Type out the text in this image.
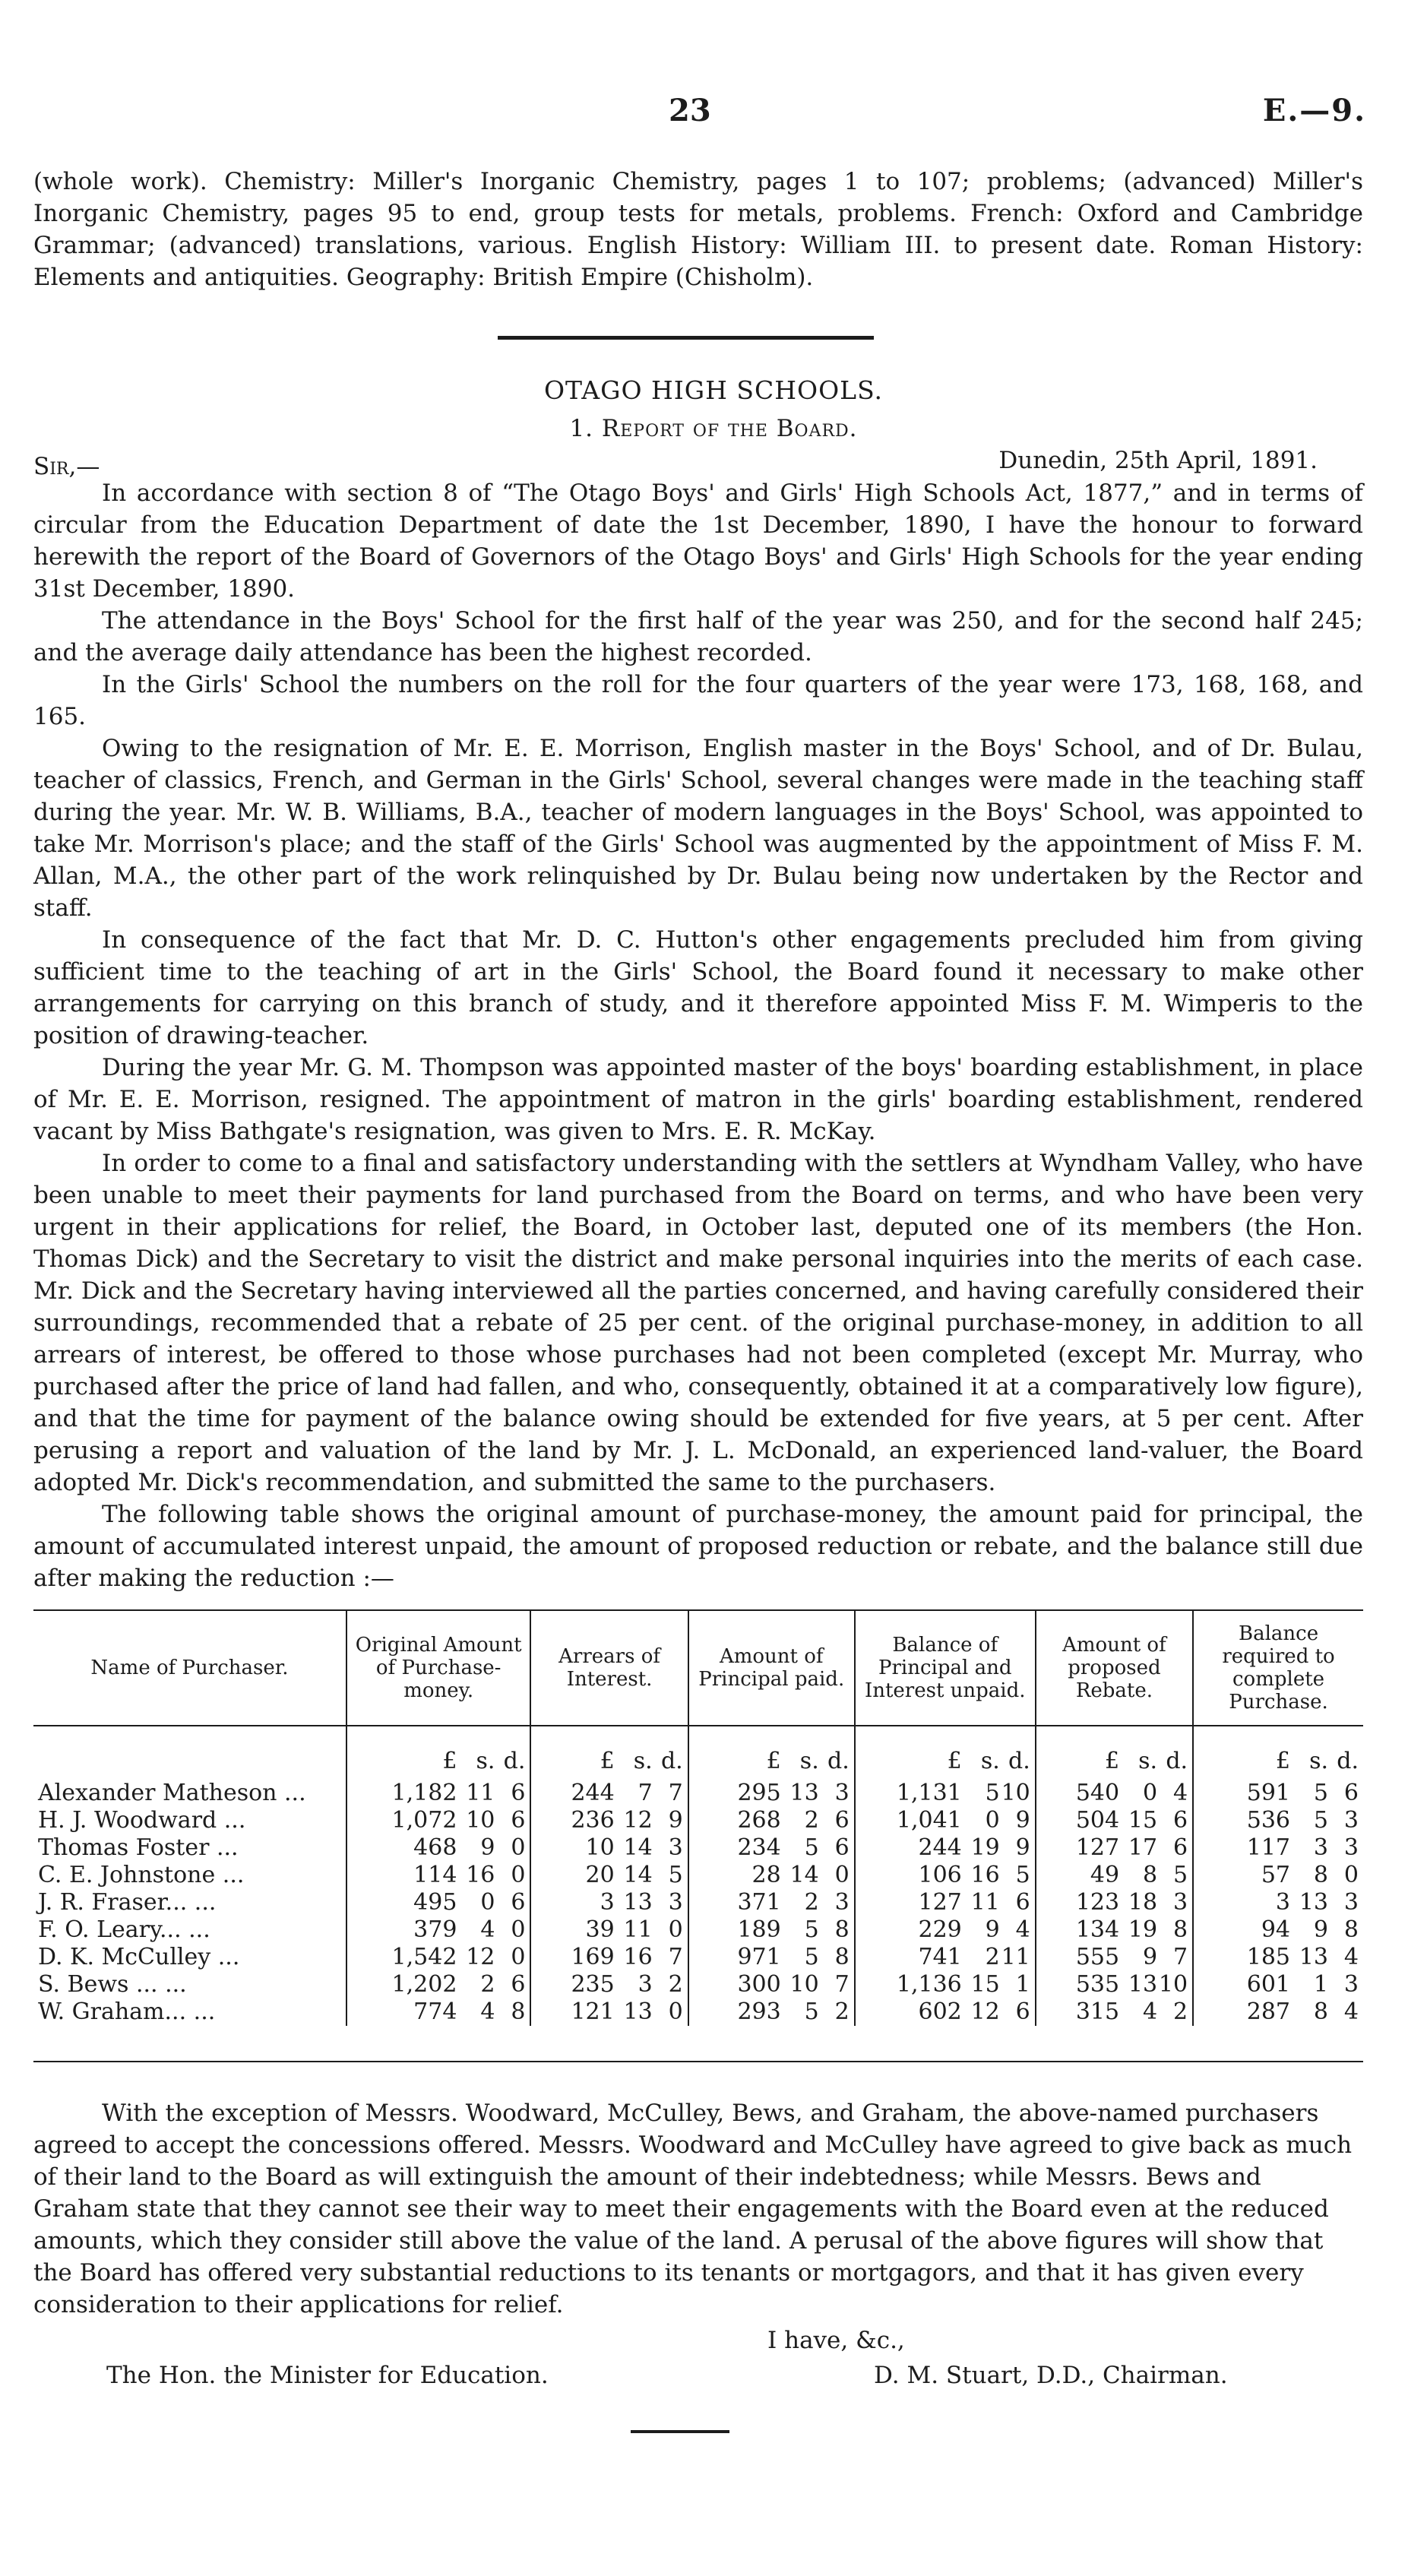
23	E.—9.

(whole work). Chemistry: Miller's Inorganic Chemistry, pages 1 to 107; problems; (advanced) Miller's Inorganic Chemistry, pages 95 to end, group tests for metals, problems. French: Oxford and Cambridge Grammar; (advanced) translations, various. English History: William III. to present date. Roman History: Elements and antiquities. Geography: British Empire (Chisholm).

OTAGO HIGH SCHOOLS.
1. Report of the Board.
Sir,—	Dunedin, 25th April, 1891.

In accordance with section 8 of “The Otago Boys' and Girls' High Schools Act, 1877,” and in terms of circular from the Education Department of date the 1st December, 1890, I have the honour to forward herewith the report of the Board of Governors of the Otago Boys' and Girls' High Schools for the year ending 31st December, 1890.

The attendance in the Boys' School for the first half of the year was 250, and for the second half 245; and the average daily attendance has been the highest recorded.

In the Girls' School the numbers on the roll for the four quarters of the year were 173, 168, 168, and 165.

Owing to the resignation of Mr. E. E. Morrison, English master in the Boys' School, and of Dr. Bulau, teacher of classics, French, and German in the Girls' School, several changes were made in the teaching staff during the year. Mr. W. B. Williams, B.A., teacher of modern languages in the Boys' School, was appointed to take Mr. Morrison's place; and the staff of the Girls' School was augmented by the appointment of Miss F. M. Allan, M.A., the other part of the work relinquished by Dr. Bulau being now undertaken by the Rector and staff.

In consequence of the fact that Mr. D. C. Hutton's other engagements precluded him from giving sufficient time to the teaching of art in the Girls' School, the Board found it necessary to make other arrangements for carrying on this branch of study, and it therefore appointed Miss F. M. Wimperis to the position of drawing-teacher.

During the year Mr. G. M. Thompson was appointed master of the boys' boarding establishment, in place of Mr. E. E. Morrison, resigned. The appointment of matron in the girls' boarding establishment, rendered vacant by Miss Bathgate's resignation, was given to Mrs. E. R. McKay.

In order to come to a final and satisfactory understanding with the settlers at Wyndham Valley, who have been unable to meet their payments for land purchased from the Board on terms, and who have been very urgent in their applications for relief, the Board, in October last, deputed one of its members (the Hon. Thomas Dick) and the Secretary to visit the district and make personal inquiries into the merits of each case. Mr. Dick and the Secretary having interviewed all the parties concerned, and having carefully considered their surroundings, recommended that a rebate of 25 per cent. of the original purchase-money, in addition to all arrears of interest, be offered to those whose purchases had not been completed (except Mr. Murray, who purchased after the price of land had fallen, and who, consequently, obtained it at a comparatively low figure), and that the time for payment of the balance owing should be extended for five years, at 5 per cent. After perusing a report and valuation of the land by Mr. J. L. McDonald, an experienced land-valuer, the Board adopted Mr. Dick's recommendation, and submitted the same to the purchasers.

The following table shows the original amount of purchase-money, the amount paid for principal, the amount of accumulated interest unpaid, the amount of proposed reduction or rebate, and the balance still due after making the reduction :—

Name of Purchaser.	Original Amount of Purchase-money.	Arrears of Interest.	Amount of Principal paid.	Balance of Principal and Interest unpaid.	Amount of proposed Rebate.	Balance required to complete Purchase.

	£ s. d.	£ s. d.	£ s. d.	£ s. d.	£ s. d.	£ s. d.

Alexander Matheson ...	1,182 11 6	244 7 7	295 13 3	1,131 5 10	540 0 4	591 5 6

H. J. Woodward ...	1,072 10 6	236 12 9	268 2 6	1,041 0 9	504 15 6	536 5 3

Thomas Foster ...	468 9 0	10 14 3	234 5 6	244 19 9	127 17 6	117 3 3

C. E. Johnstone ...	114 16 0	20 14 5	28 14 0	106 16 5	49 8 5	57 8 0

J. R. Fraser... ...	495 0 6	3 13 3	371 2 3	127 11 6	123 18 3	3 13 3

F. O. Leary... ...	379 4 0	39 11 0	189 5 8	229 9 4	134 19 8	94 9 8

D. K. McCulley ...	1,542 12 0	169 16 7	971 5 8	741 2 11	555 9 7	185 13 4

S. Bews ... ...	1,202 2 6	235 3 2	300 10 7	1,136 15 1	535 13 10	601 1 3

W. Graham... ...	774 4 8	121 13 0	293 5 2	602 12 6	315 4 2	287 8 4

With the exception of Messrs. Woodward, McCulley, Bews, and Graham, the above-named purchasers agreed to accept the concessions offered. Messrs. Woodward and McCulley have agreed to give back as much of their land to the Board as will extinguish the amount of their indebtedness; while Messrs. Bews and Graham state that they cannot see their way to meet their engagements with the Board even at the reduced amounts, which they consider still above the value of the land. A perusal of the above figures will show that the Board has offered very substantial reductions to its tenants or mortgagors, and that it has given every consideration to their applications for relief.

I have, &c.,
The Hon. the Minister for Education.	D. M. Stuart, D.D., Chairman.
